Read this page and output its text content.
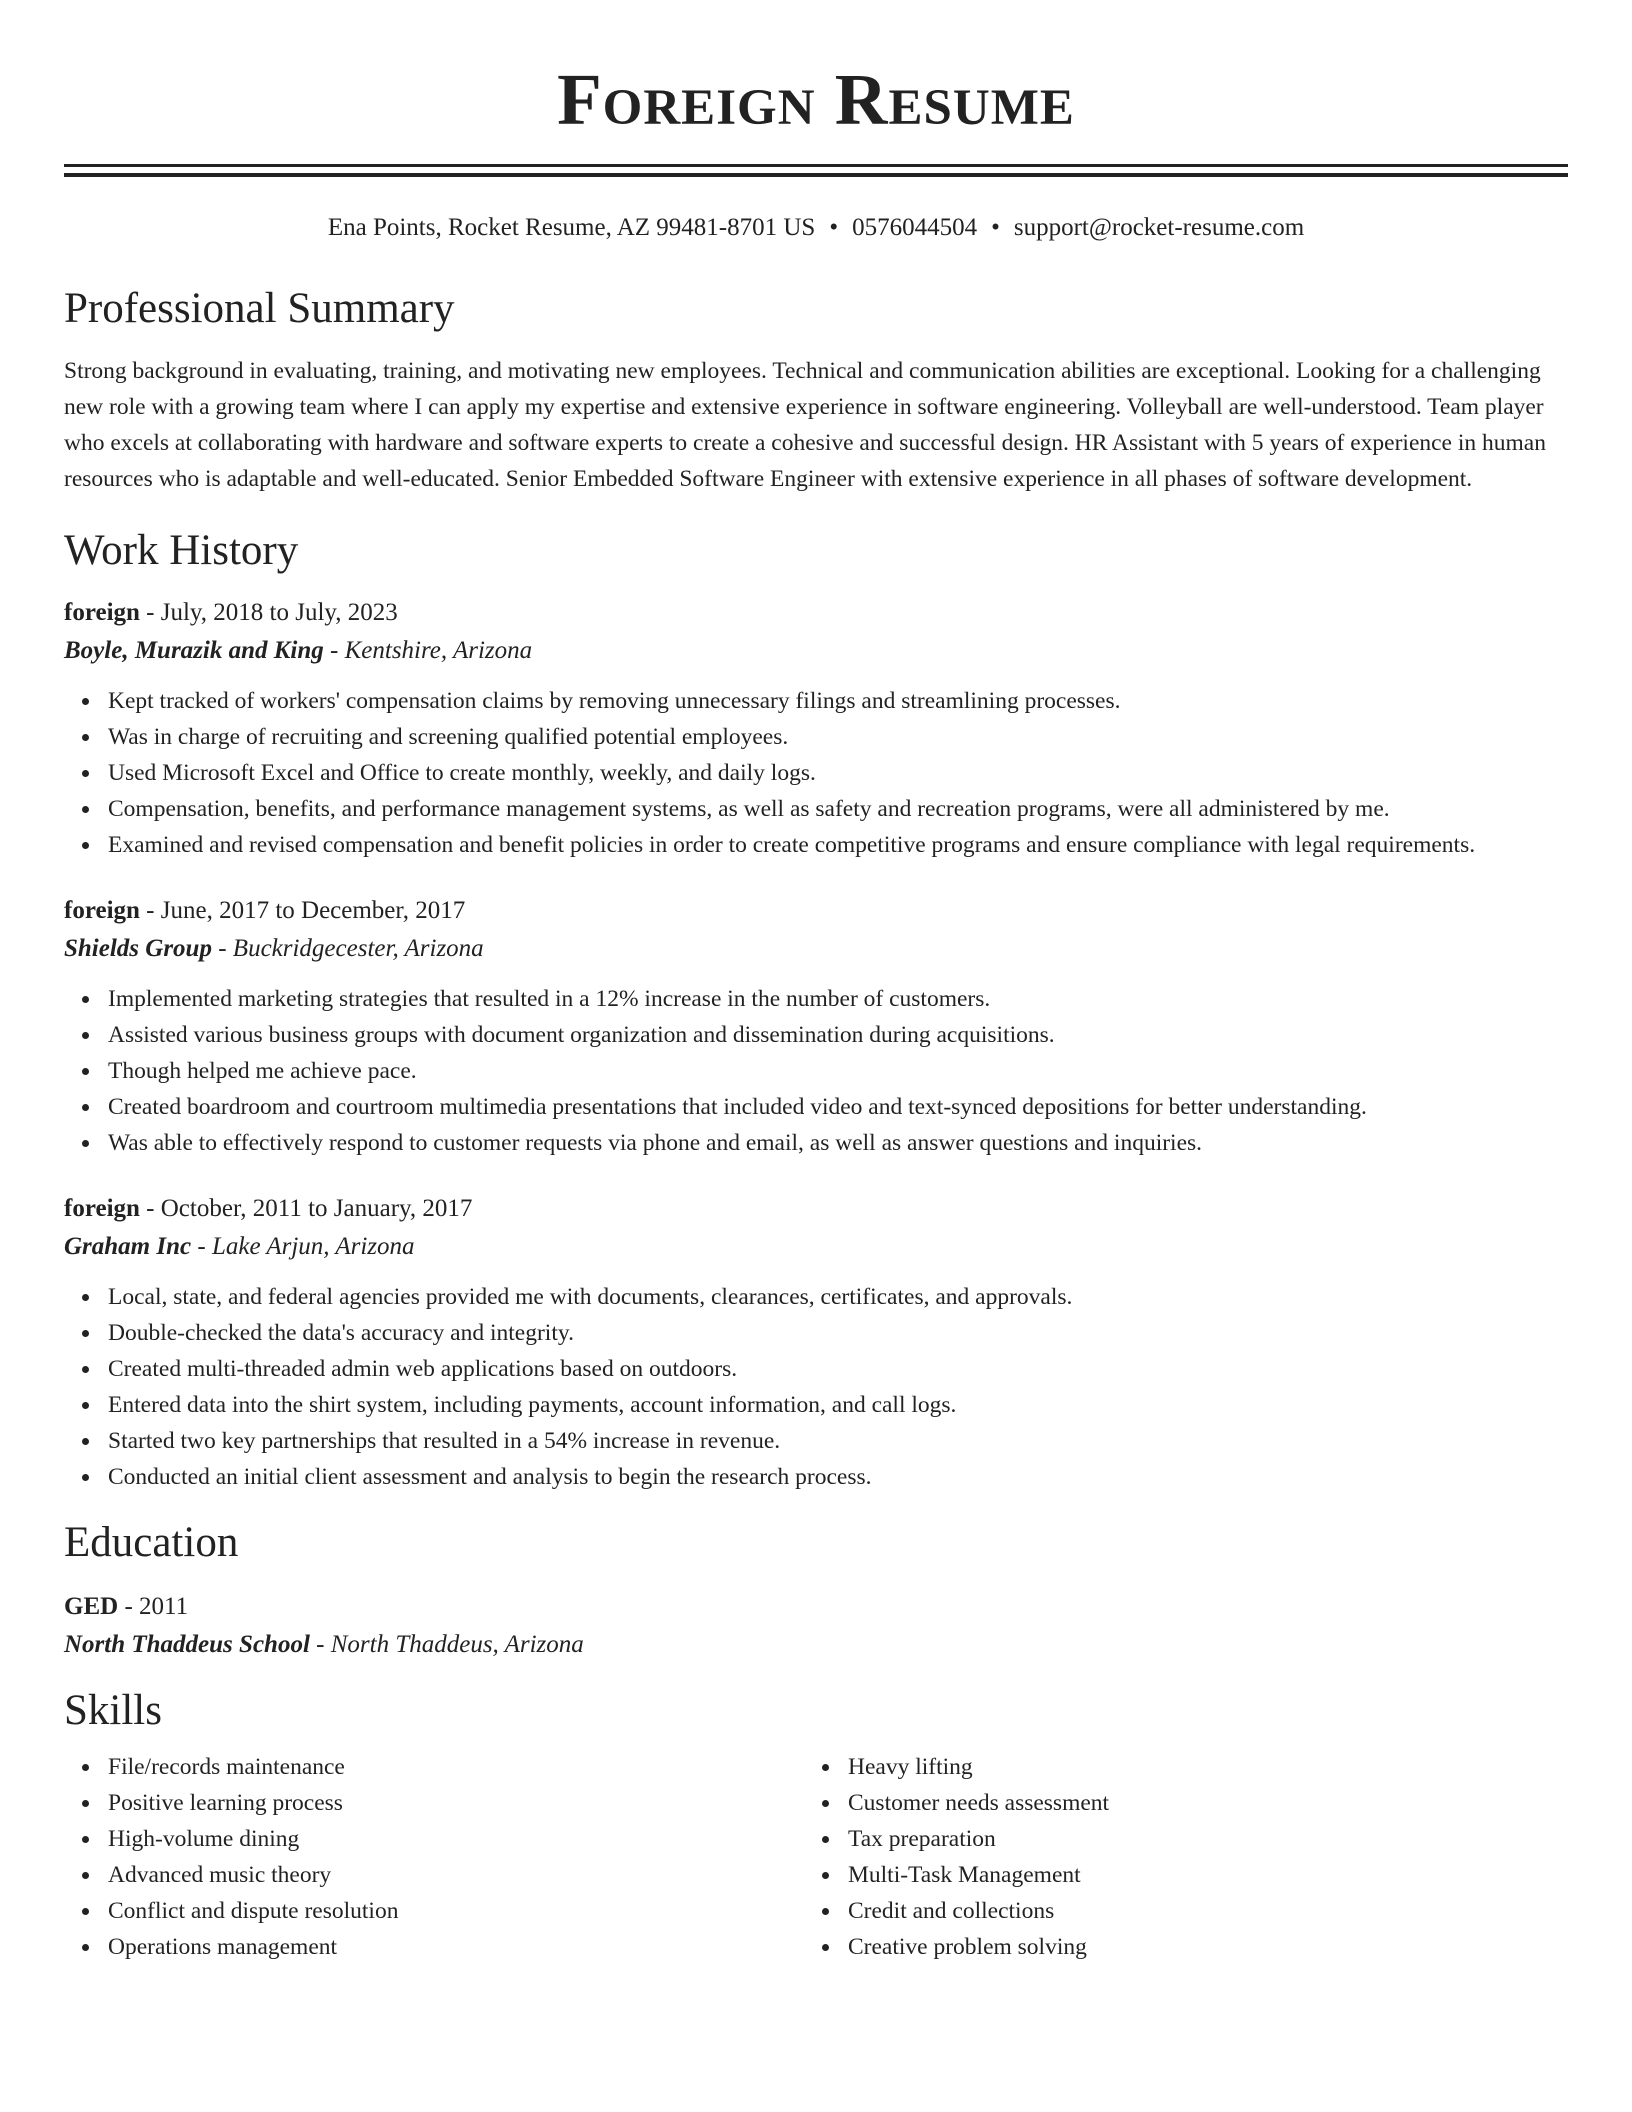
Foreign Resume
Ena Points, Rocket Resume, AZ 99481-8701 US • 0576044504 • support@rocket-resume.com
Professional Summary
Strong background in evaluating, training, and motivating new employees. Technical and communication abilities are exceptional. Looking for a challenging new role with a growing team where I can apply my expertise and extensive experience in software engineering. Volleyball are well-understood. Team player who excels at collaborating with hardware and software experts to create a cohesive and successful design. HR Assistant with 5 years of experience in human resources who is adaptable and well-educated. Senior Embedded Software Engineer with extensive experience in all phases of software development.
Work History

foreign - July, 2018 to July, 2023

Boyle, Murazik and King - Kentshire, Arizona

Kept tracked of workers' compensation claims by removing unnecessary filings and streamlining processes.
Was in charge of recruiting and screening qualified potential employees.
Used Microsoft Excel and Office to create monthly, weekly, and daily logs.
Compensation, benefits, and performance management systems, as well as safety and recreation programs, were all administered by me.
Examined and revised compensation and benefit policies in order to create competitive programs and ensure compliance with legal requirements.

foreign - June, 2017 to December, 2017

Shields Group - Buckridgecester, Arizona

Implemented marketing strategies that resulted in a 12% increase in the number of customers.
Assisted various business groups with document organization and dissemination during acquisitions.
Though helped me achieve pace.
Created boardroom and courtroom multimedia presentations that included video and text-synced depositions for better understanding.
Was able to effectively respond to customer requests via phone and email, as well as answer questions and inquiries.

foreign - October, 2011 to January, 2017

Graham Inc - Lake Arjun, Arizona

Local, state, and federal agencies provided me with documents, clearances, certificates, and approvals.
Double-checked the data's accuracy and integrity.
Created multi-threaded admin web applications based on outdoors.
Entered data into the shirt system, including payments, account information, and call logs.
Started two key partnerships that resulted in a 54% increase in revenue.
Conducted an initial client assessment and analysis to begin the research process.
Education

GED - 2011

North Thaddeus School - North Thaddeus, Arizona

Skills
File/records maintenance
Positive learning process
High-volume dining
Advanced music theory
Conflict and dispute resolution
Operations management
Heavy lifting
Customer needs assessment
Tax preparation
Multi-Task Management
Credit and collections
Creative problem solving
